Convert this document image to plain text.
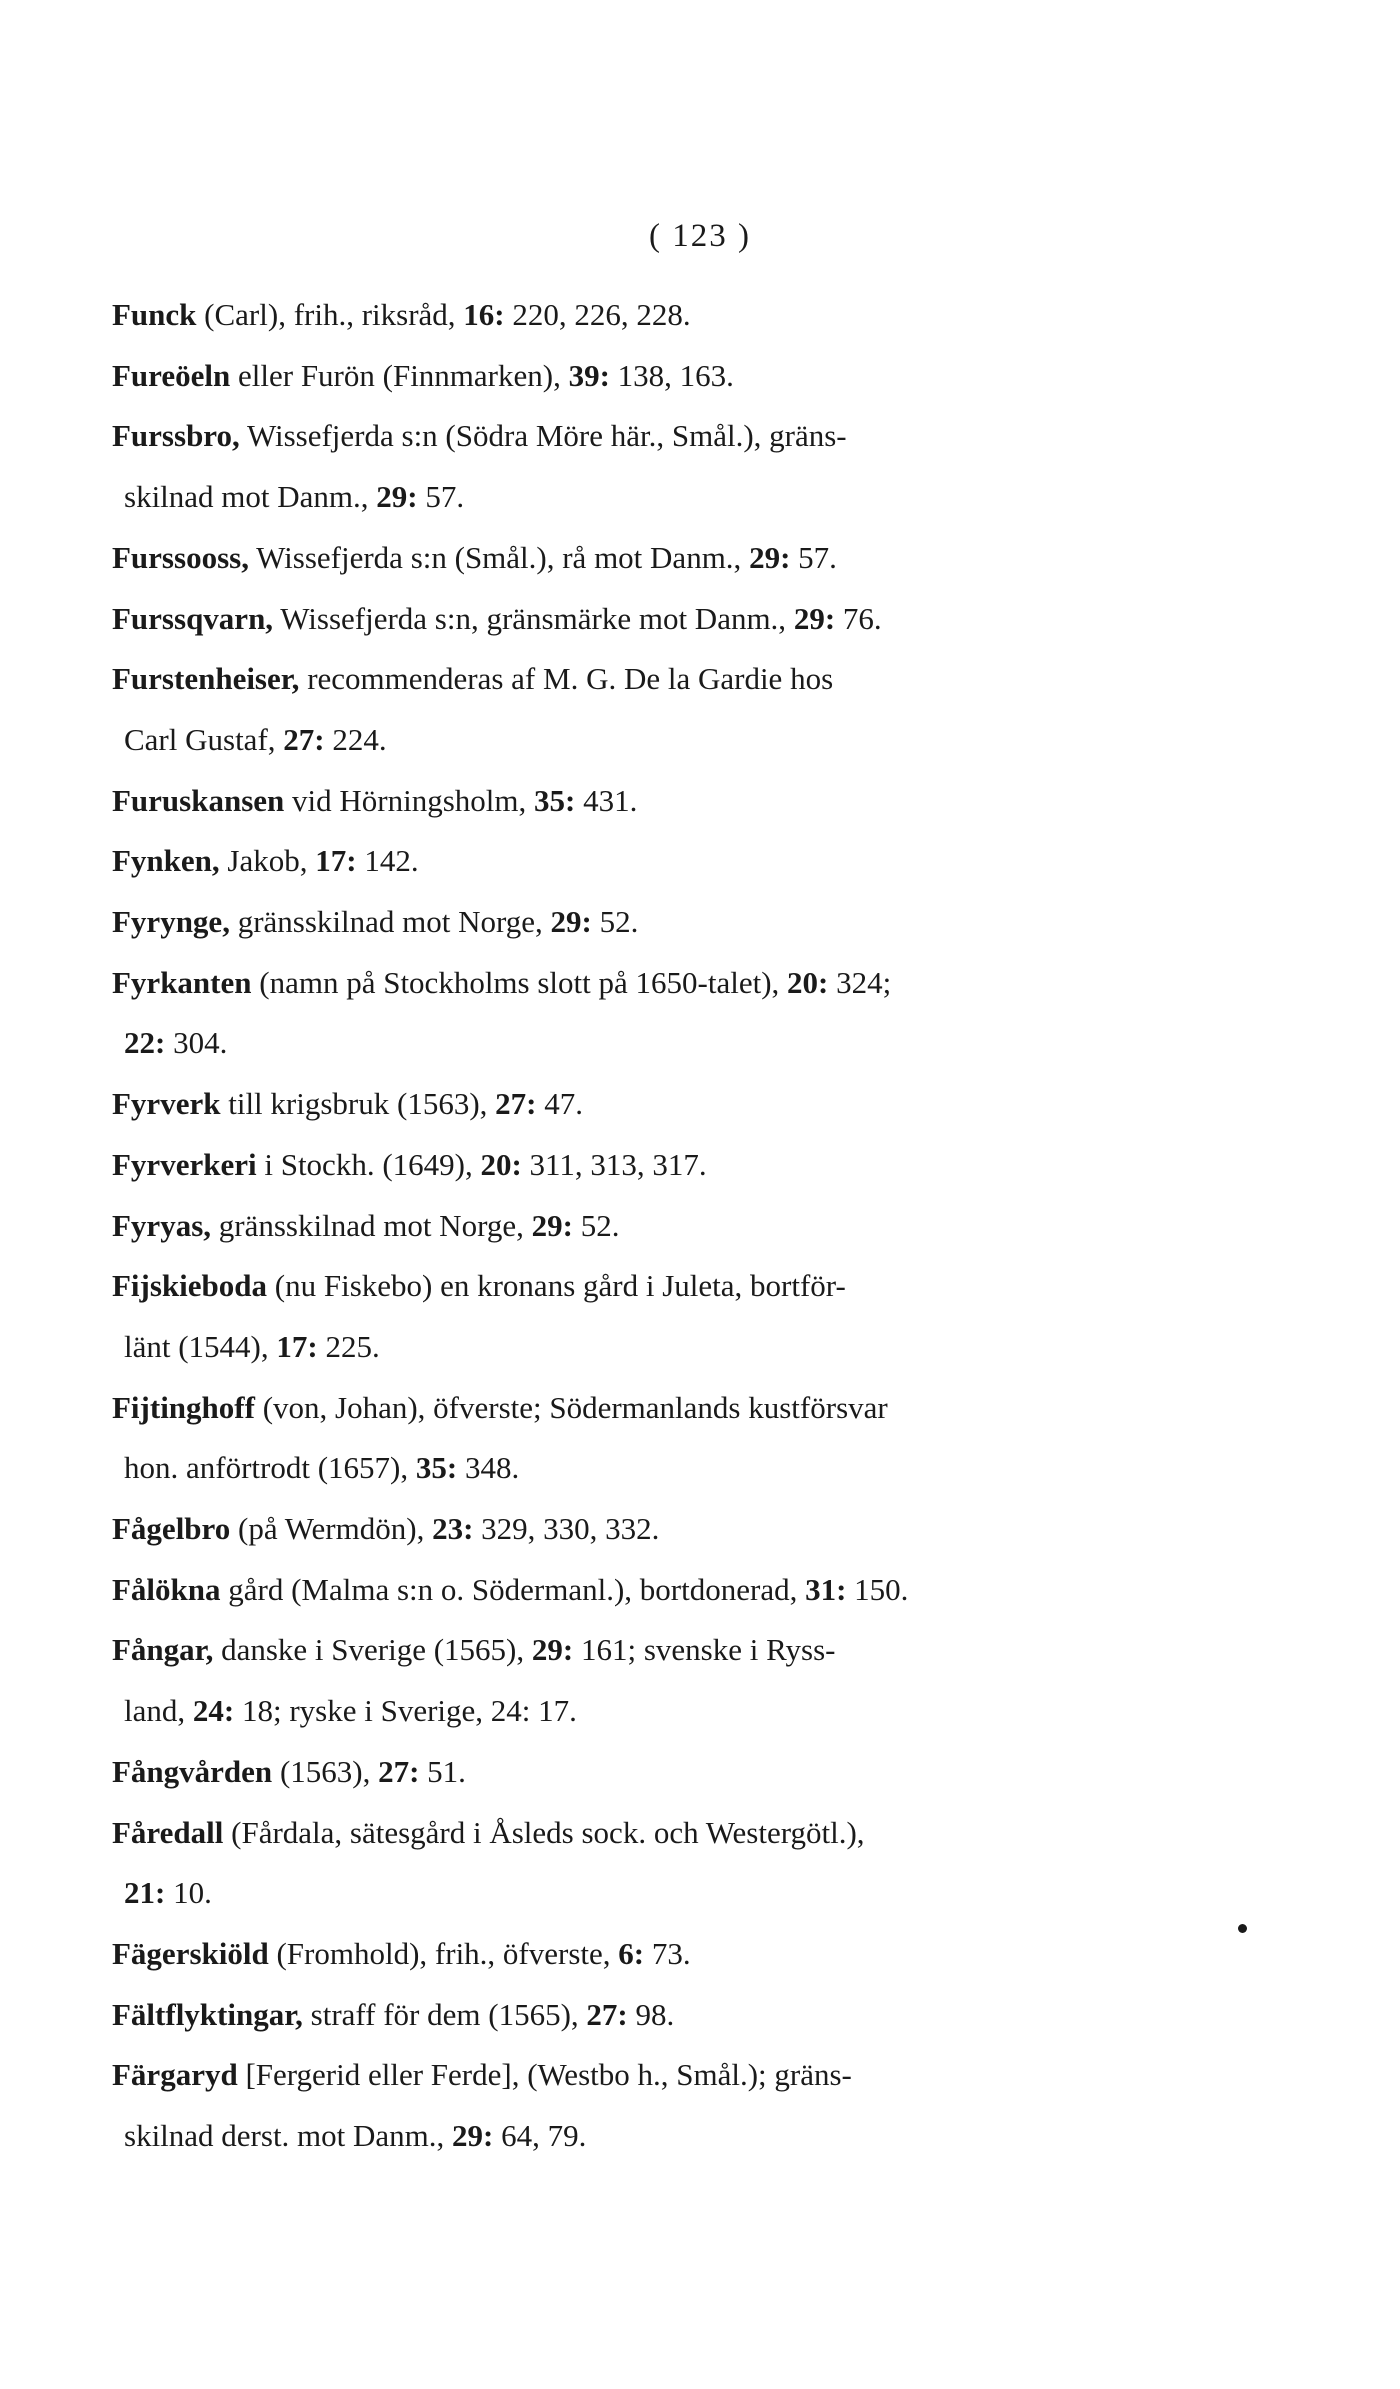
( 123 )
Funck (Carl), frih., riksråd, 16: 220, 226, 228.
Fureöeln eller Furön (Finnmarken), 39: 138, 163.
Furssbro, Wissefjerda s:n (Södra Möre här., Smål.), gräns-
skilnad mot Danm., 29: 57.
Furssooss, Wissefjerda s:n (Smål.), rå mot Danm., 29: 57.
Furssqvarn, Wissefjerda s:n, gränsmärke mot Danm., 29: 76.
Furstenheiser, recommenderas af M. G. De la Gardie hos
Carl Gustaf, 27: 224.
Furuskansen vid Hörningsholm, 35: 431.
Fynken, Jakob, 17: 142.
Fyrynge, gränsskilnad mot Norge, 29: 52.
Fyrkanten (namn på Stockholms slott på 1650-talet), 20: 324;
22: 304.
Fyrverk till krigsbruk (1563), 27: 47.
Fyrverkeri i Stockh. (1649), 20: 311, 313, 317.
Fyryas, gränsskilnad mot Norge, 29: 52.
Fijskieboda (nu Fiskebo) en kronans gård i Juleta, bortför-
länt (1544), 17: 225.
Fijtinghoff (von, Johan), öfverste; Södermanlands kustförsvar
hon. anförtrodt (1657), 35: 348.
Fågelbro (på Wermdön), 23: 329, 330, 332.
Fålökna gård (Malma s:n o. Södermanl.), bortdonerad, 31: 150.
Fångar, danske i Sverige (1565), 29: 161; svenske i Ryss-
land, 24: 18; ryske i Sverige, 24: 17.
Fångvården (1563), 27: 51.
Fåredall (Fårdala, sätesgård i Åsleds sock. och Westergötl.),
21: 10.
Fägerskiöld (Fromhold), frih., öfverste, 6: 73.
Fältflyktingar, straff för dem (1565), 27: 98.
Färgaryd [Fergerid eller Ferde], (Westbo h., Smål.); gräns-
skilnad derst. mot Danm., 29: 64, 79.
